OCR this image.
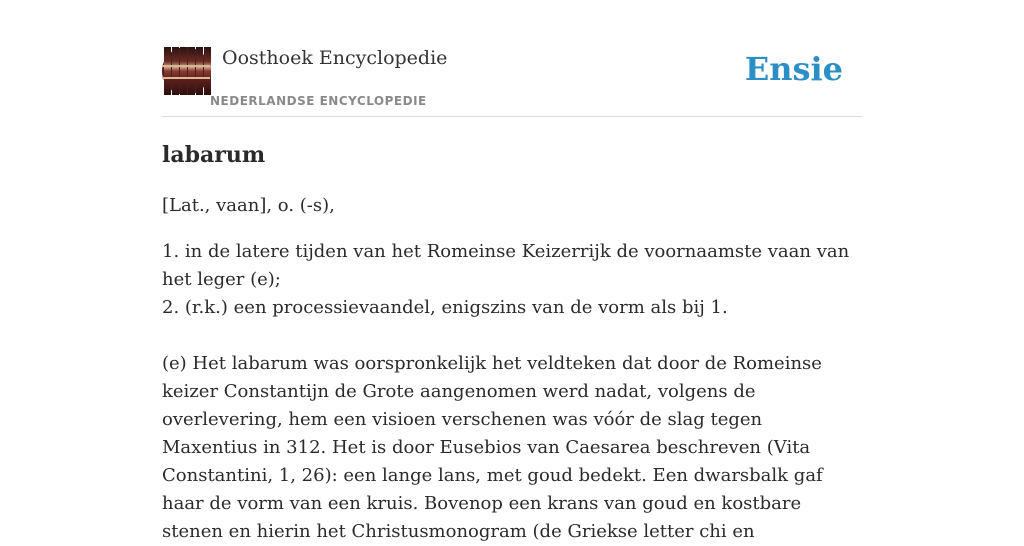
Oosthoek Encyclopedie
NEDERLANDSE ENCYCLOPEDIE
Ensie
labarum

[Lat., vaan], o. (-s),

1. in de latere tijden van het Romeinse Keizerrijk de voornaamste vaan van het leger (e);
2. (r.k.) een processievaandel, enigszins van de vorm als bij 1.

(e) Het labarum was oorspronkelijk het veldteken dat door de Romeinse keizer Constantijn de Grote aangenomen werd nadat, volgens de overlevering, hem een visioen verschenen was vóór de slag tegen Maxentius in 312. Het is door Eusebios van Caesarea beschreven (Vita Constantini, 1, 26): een lange lans, met goud bedekt. Een dwarsbalk gaf haar de vorm van een kruis. Bovenop een krans van goud en kostbare stenen en hierin het Christusmonogram (de Griekse letter chi en
